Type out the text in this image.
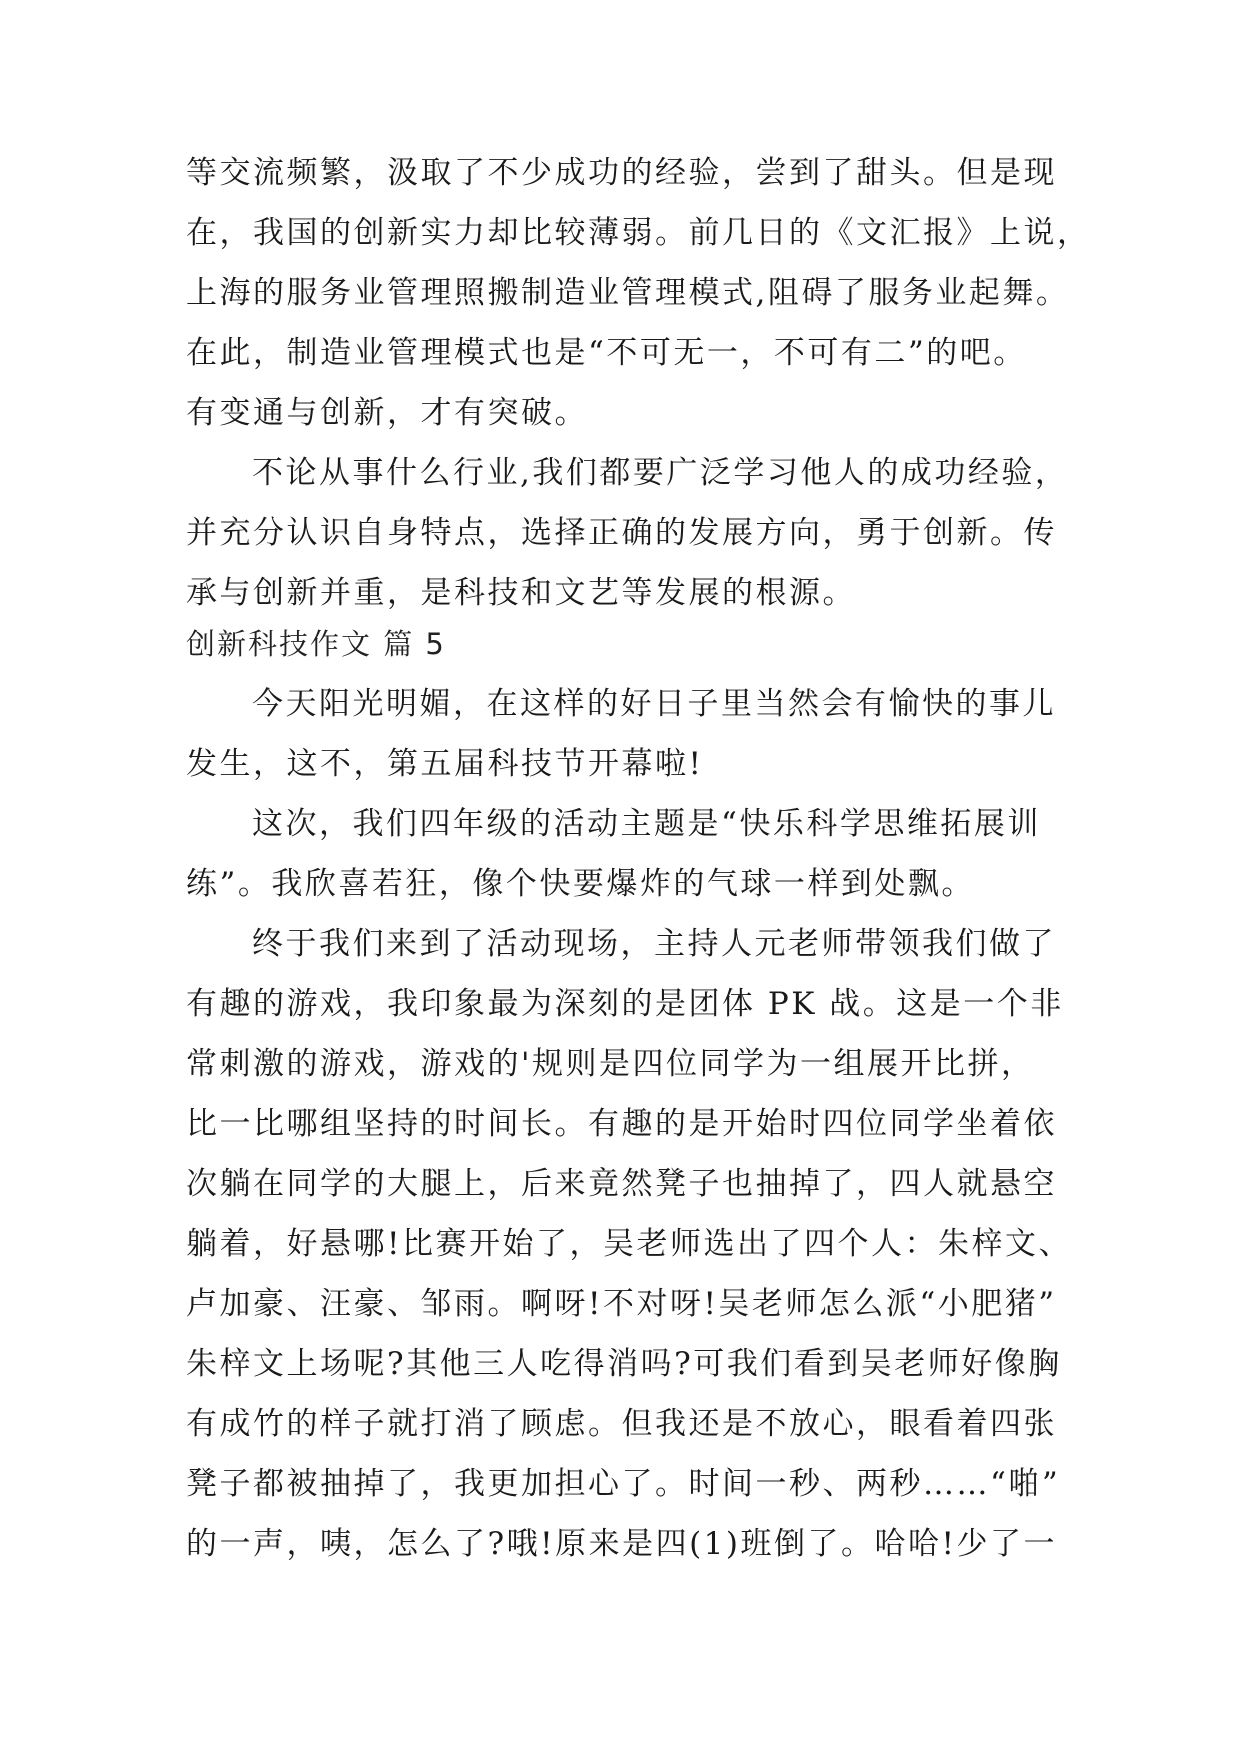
等交流频繁，汲取了不少成功的经验，尝到了甜头。但是现
在，我国的创新实力却比较薄弱。前几日的《文汇报》上说，
上海的服务业管理照搬制造业管理模式,阻碍了服务业起舞。
在此，制造业管理模式也是“不可无一，不可有二”的吧。
有变通与创新，才有突破。
不论从事什么行业,我们都要广泛学习他人的成功经验，
并充分认识自身特点，选择正确的发展方向，勇于创新。传
承与创新并重，是科技和文艺等发展的根源。
创新科技作文 篇 5
今天阳光明媚，在这样的好日子里当然会有愉快的事儿
发生，这不，第五届科技节开幕啦!
这次，我们四年级的活动主题是“快乐科学思维拓展训
练”。我欣喜若狂，像个快要爆炸的气球一样到处飘。
终于我们来到了活动现场，主持人元老师带领我们做了
有趣的游戏，我印象最为深刻的是团体 PK 战。这是一个非
常刺激的游戏，游戏的'规则是四位同学为一组展开比拼，
比一比哪组坚持的时间长。有趣的是开始时四位同学坐着依
次躺在同学的大腿上，后来竟然凳子也抽掉了，四人就悬空
躺着，好悬哪!比赛开始了，吴老师选出了四个人：朱梓文、
卢加豪、汪豪、邹雨。啊呀!不对呀!吴老师怎么派“小肥猪”
朱梓文上场呢?其他三人吃得消吗?可我们看到吴老师好像胸
有成竹的样子就打消了顾虑。但我还是不放心，眼看着四张
凳子都被抽掉了，我更加担心了。时间一秒、两秒……“啪”
的一声，咦，怎么了?哦!原来是四(1)班倒了。哈哈!少了一
